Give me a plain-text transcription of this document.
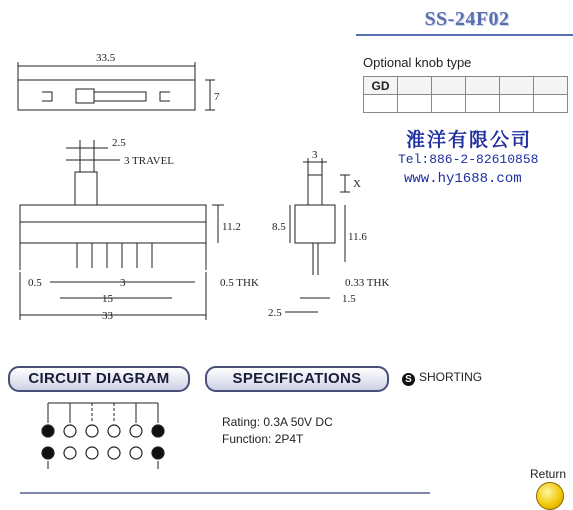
SS-24F02
Optional knob type
GD					

淮洋有限公司
Tel:886-2-82610858
www.hy1688.com
33.5
7
2.5
3 TRAVEL
11.2
0.5	3	0.5 THK
15
33
3
X
8.5
11.6
0.33 THK
1.5
2.5
CIRCUIT DIAGRAM	SPECIFICATIONS	S SHORTING
Rating: 0.3A 50V DC
Function: 2P4T
Return
